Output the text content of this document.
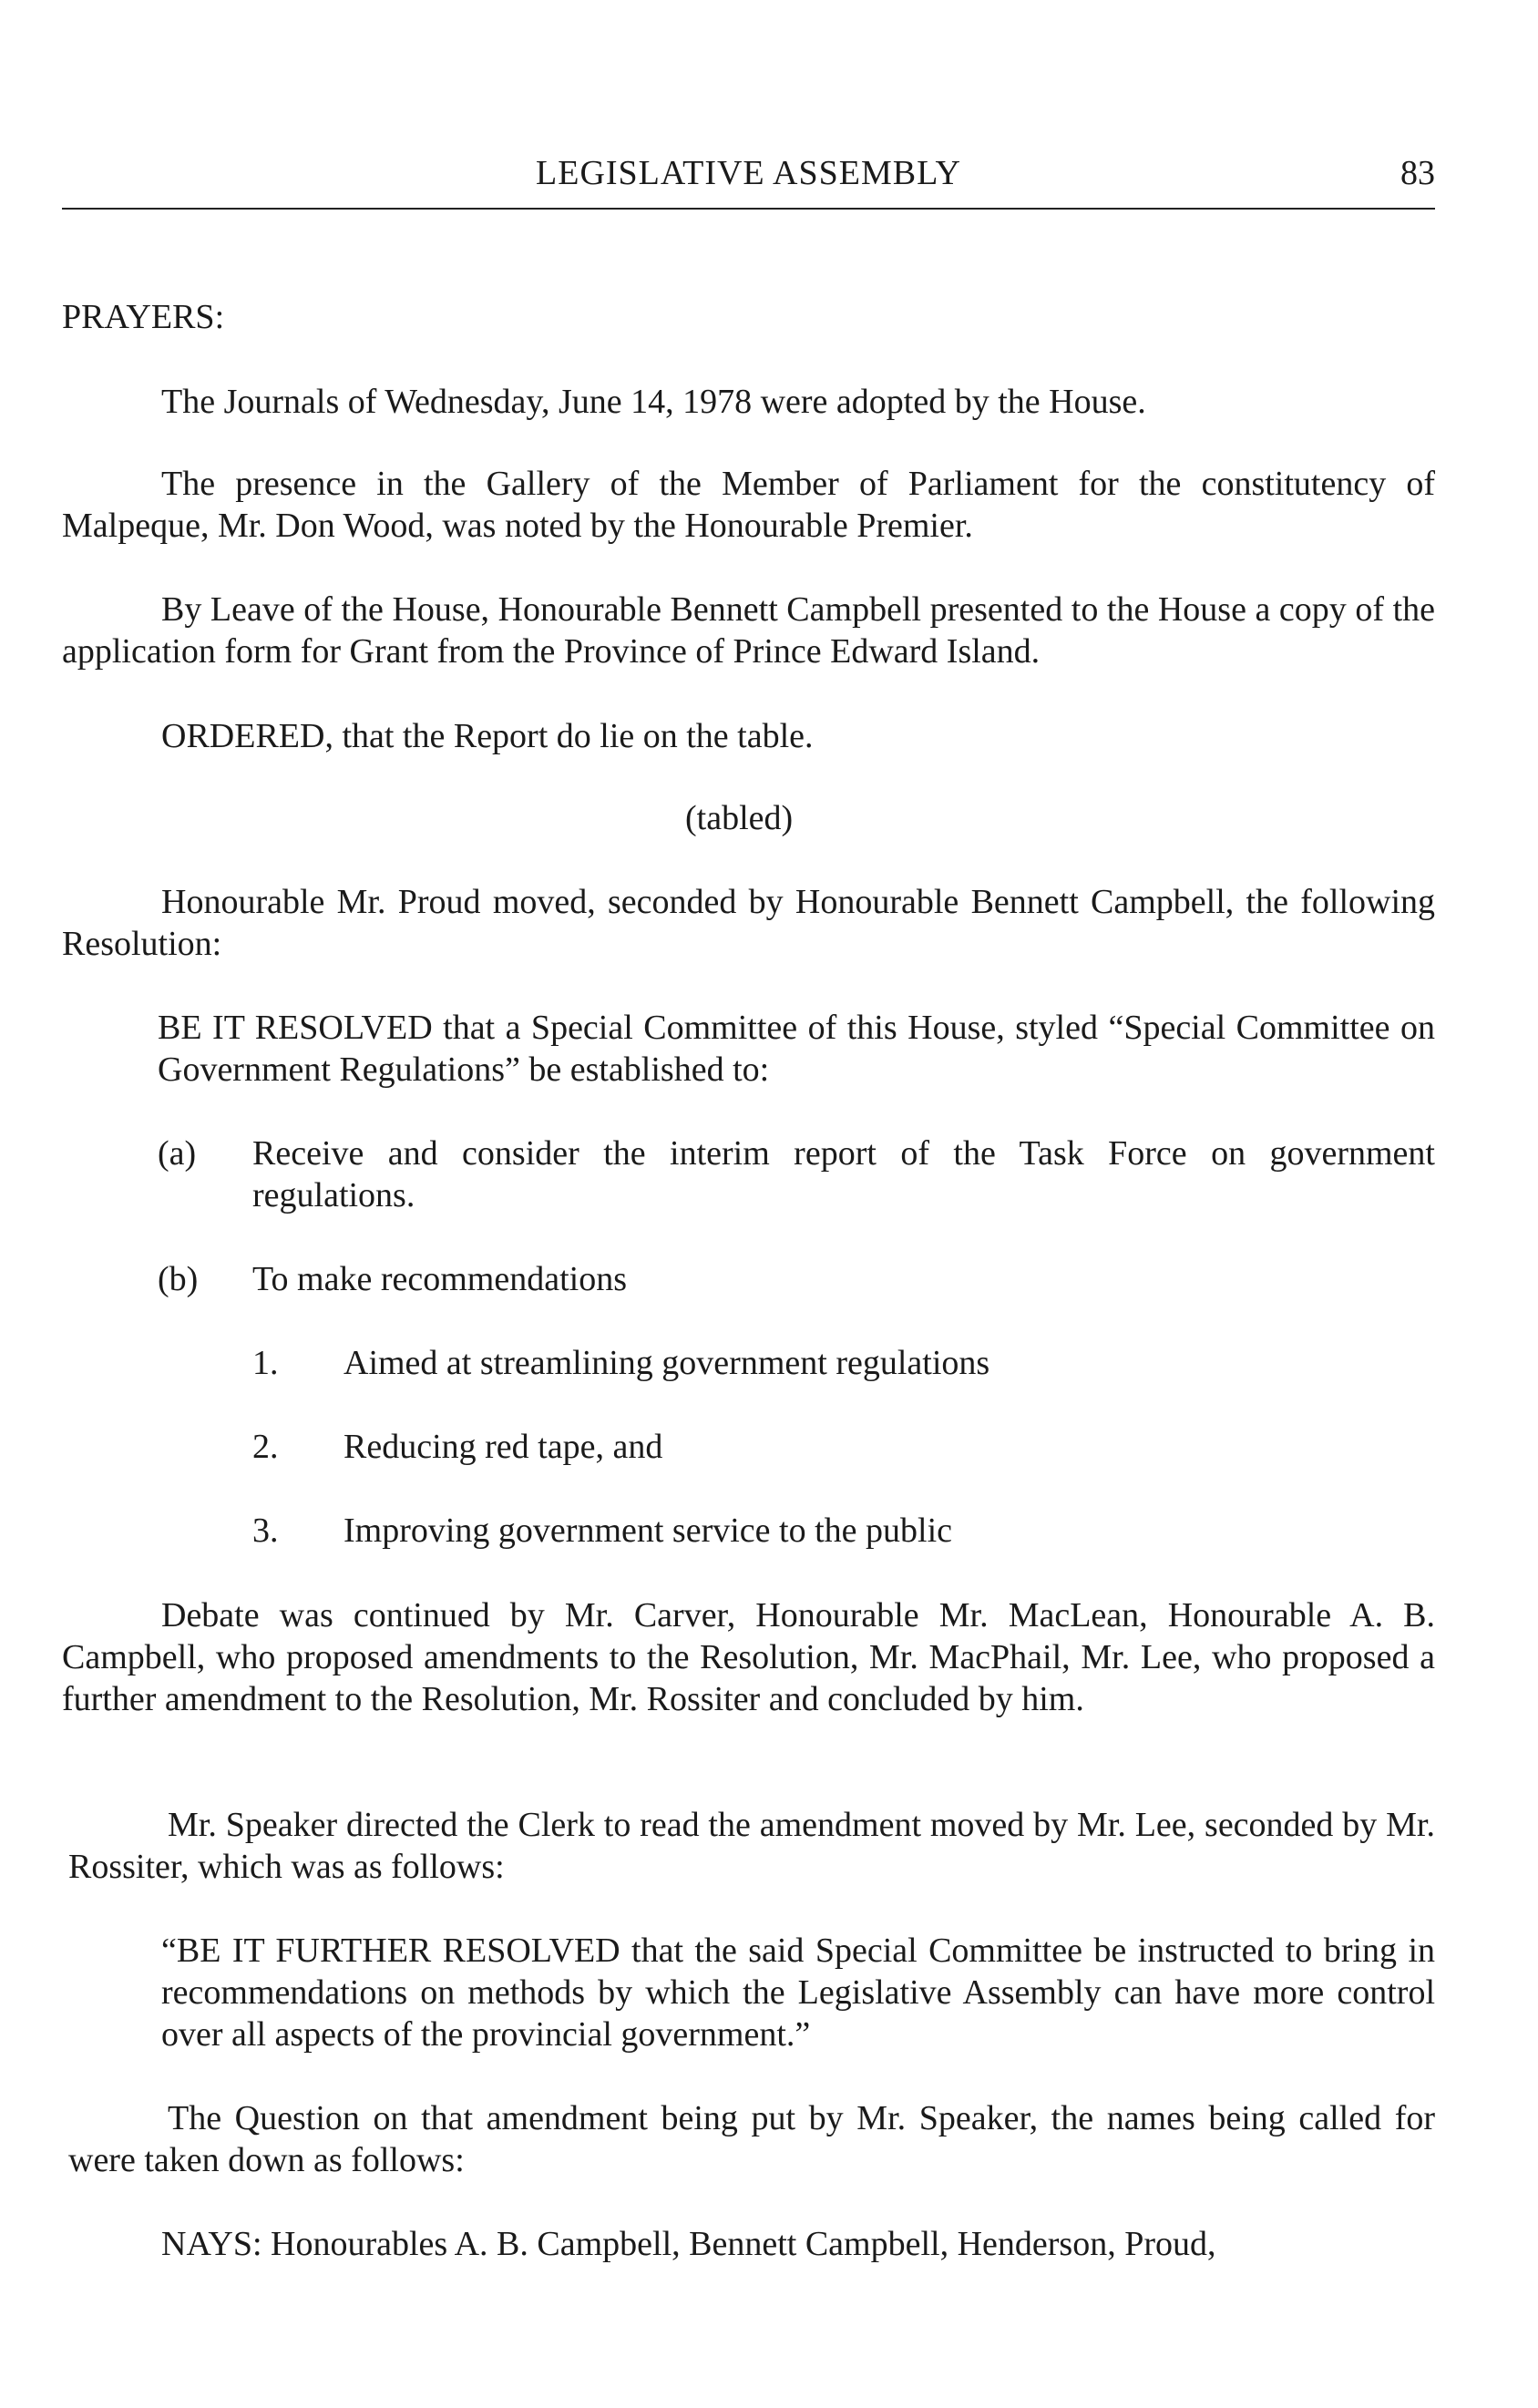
LEGISLATIVE ASSEMBLY	83
PRAYERS:
The Journals of Wednesday, June 14, 1978 were adopted by the House.
The presence in the Gallery of the Member of Parliament for the constitutency of Malpeque, Mr. Don Wood, was noted by the Honourable Premier.
By Leave of the House, Honourable Bennett Campbell presented to the House a copy of the application form for Grant from the Province of Prince Edward Island.
ORDERED, that the Report do lie on the table.
(tabled)
Honourable Mr. Proud moved, seconded by Honourable Bennett Campbell, the following Resolution:
BE IT RESOLVED that a Special Committee of this House, styled “Special Committee on Government Regulations” be established to:
(a) Receive and consider the interim report of the Task Force on government regulations.
(b) To make recommendations
1. Aimed at streamlining government regulations
2. Reducing red tape, and
3. Improving government service to the public
Debate was continued by Mr. Carver, Honourable Mr. MacLean, Honourable A. B. Campbell, who proposed amendments to the Resolution, Mr. MacPhail, Mr. Lee, who proposed a further amendment to the Resolution, Mr. Rossiter and concluded by him.
Mr. Speaker directed the Clerk to read the amendment moved by Mr. Lee, seconded by Mr. Rossiter, which was as follows:
“BE IT FURTHER RESOLVED that the said Special Committee be instructed to bring in recommendations on methods by which the Legislative Assembly can have more control over all aspects of the provincial government.”
The Question on that amendment being put by Mr. Speaker, the names being called for were taken down as follows:
NAYS: Honourables A. B. Campbell, Bennett Campbell, Henderson, Proud,
